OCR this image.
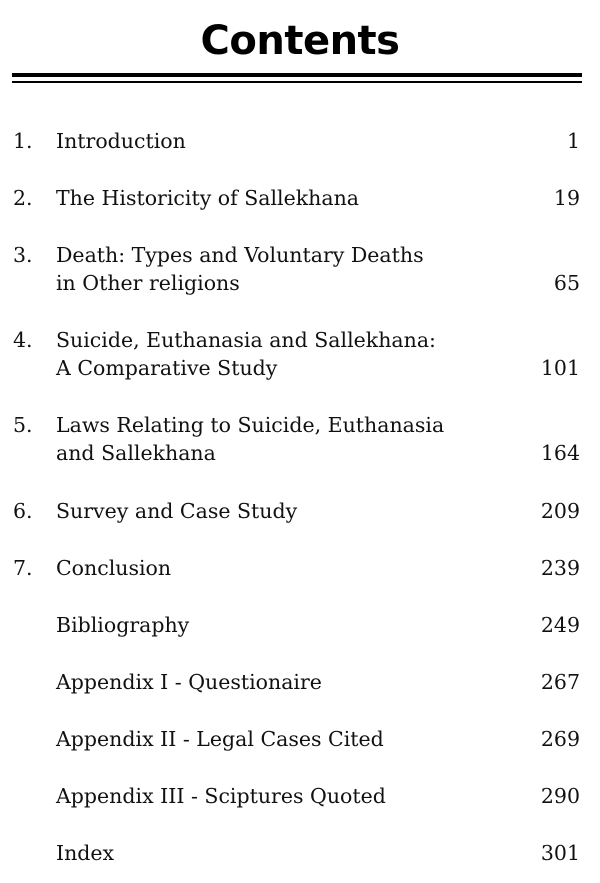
Contents
1. Introduction	1
2. The Historicity of Sallekhana	19
3. Death: Types and Voluntary Deaths
in Other religions	65
4. Suicide, Euthanasia and Sallekhana:
A Comparative Study	101
5. Laws Relating to Suicide, Euthanasia
and Sallekhana	164
6. Survey and Case Study	209
7. Conclusion	239
Bibliography	249
Appendix I - Questionaire	267
Appendix II - Legal Cases Cited	269
Appendix III - Sciptures Quoted	290
Index	301
